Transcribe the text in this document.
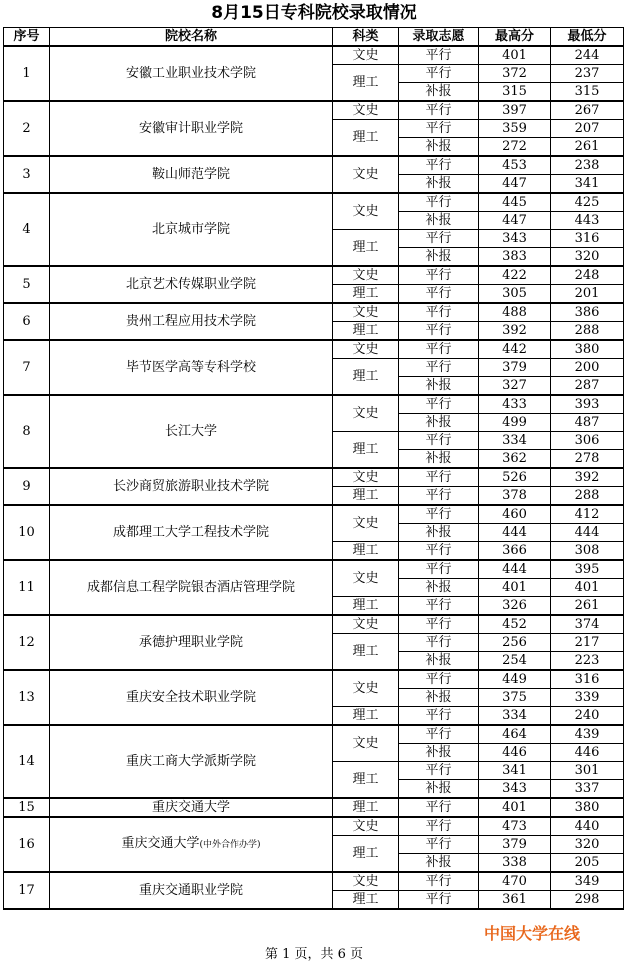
8月15日专科院校录取情况
序号	院校名称	科类	录取志愿	最高分	最低分
1	安徽工业职业技术学院	文史	平行	401	244
		理工	平行	372	237
			补报	315	315
2	安徽审计职业学院	文史	平行	397	267
		理工	平行	359	207
			补报	272	261
3	鞍山师范学院	文史	平行	453	238
			补报	447	341
4	北京城市学院	文史	平行	445	425
			补报	447	443
		理工	平行	343	316
			补报	383	320
5	北京艺术传媒职业学院	文史	平行	422	248
		理工	平行	305	201
6	贵州工程应用技术学院	文史	平行	488	386
		理工	平行	392	288
7	毕节医学高等专科学校	文史	平行	442	380
		理工	平行	379	200
			补报	327	287
8	长江大学	文史	平行	433	393
			补报	499	487
		理工	平行	334	306
			补报	362	278
9	长沙商贸旅游职业技术学院	文史	平行	526	392
		理工	平行	378	288
10	成都理工大学工程技术学院	文史	平行	460	412
			补报	444	444
		理工	平行	366	308
11	成都信息工程学院银杏酒店管理学院	文史	平行	444	395
			补报	401	401
		理工	平行	326	261
12	承德护理职业学院	文史	平行	452	374
		理工	平行	256	217
			补报	254	223
13	重庆安全技术职业学院	文史	平行	449	316
			补报	375	339
		理工	平行	334	240
14	重庆工商大学派斯学院	文史	平行	464	439
			补报	446	446
		理工	平行	341	301
			补报	343	337
15	重庆交通大学	理工	平行	401	380
16	重庆交通大学(中外合作办学)	文史	平行	473	440
		理工	平行	379	320
			补报	338	205
17	重庆交通职业学院	文史	平行	470	349
		理工	平行	361	298
第 1 页，共 6 页
中国大学在线
